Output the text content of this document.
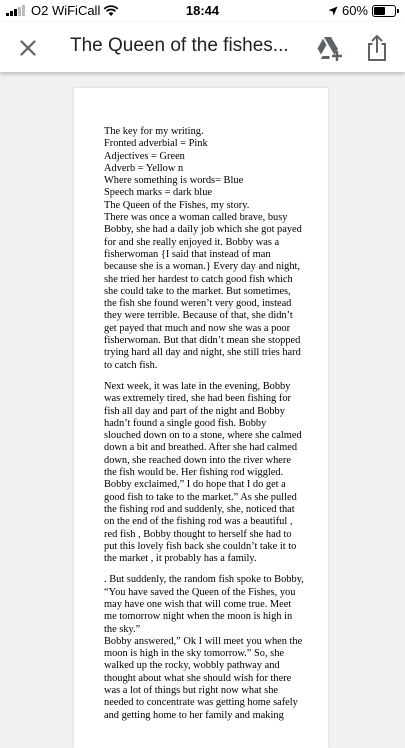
O2 WiFiCall	18:44	60%
The Queen of the fishes...

The key for my writing.

Fronted adverbial = Pink

Adjectives = Green

Adverb = Yellow n

Where something is words= Blue

Speech marks = dark blue

The Queen of the Fishes, my story.

There was once a woman called brave, busy Bobby, she had a daily job which she got payed for and she really enjoyed it. Bobby was a fisherwoman {I said that instead of man because she is a woman.} Every day and night, she tried her hardest to catch good fish which she could take to the market. But sometimes, the fish she found weren’t very good, instead they were terrible. Because of that, she didn’t get payed that much and now she was a poor fisherwoman. But that didn’t mean she stopped trying hard all day and night, she still tries hard to catch fish.

Next week, it was late in the evening, Bobby was extremely tired, she had been fishing for fish all day and part of the night and Bobby hadn’t found a single good fish. Bobby slouched down on to a stone, where she calmed down a bit and breathed. After she had calmed down, she reached down into the river where the fish would be. Her fishing rod wiggled. Bobby exclaimed,” I do hope that I do get a good fish to take to the market.” As she pulled the fishing rod and suddenly, she, noticed that on the end of the fishing rod was a beautiful , red fish , Bobby thought to herself she had to put this lovely fish back she couldn’t take it to the market , it probably has a family.

. But suddenly, the random fish spoke to Bobby, “You have saved the Queen of the Fishes, you may have one wish that will come true. Meet me tomorrow night when the moon is high in the sky.”

Bobby answered,” Ok I will meet you when the moon is high in the sky tomorrow.” So, she walked up the rocky, wobbly pathway and thought about what she should wish for there was a lot of things but right now what she needed to concentrate was getting home safely and getting home to her family and making
